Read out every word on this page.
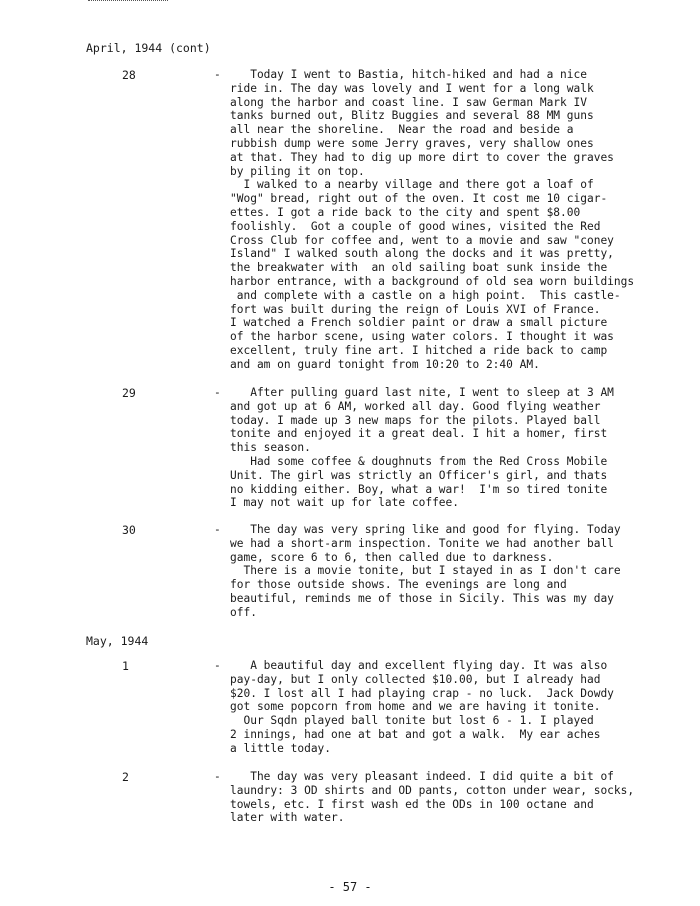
April, 1944 (cont)
28	- Today I went to Bastia, hitch-hiked and had a nice
ride in. The day was lovely and I went for a long walk
along the harbor and coast line. I saw German Mark IV
tanks burned out, Blitz Buggies and several 88 MM guns
all near the shoreline.  Near the road and beside a
rubbish dump were some Jerry graves, very shallow ones
at that. They had to dig up more dirt to cover the graves
by piling it on top.
I walked to a nearby village and there got a loaf of
"Wog" bread, right out of the oven. It cost me 10 cigar-
ettes. I got a ride back to the city and spent $8.00
foolishly.  Got a couple of good wines, visited the Red
Cross Club for coffee and, went to a movie and saw "coney
Island" I walked south along the docks and it was pretty,
the breakwater with  an old sailing boat sunk inside the
harbor entrance, with a background of old sea worn buildings
and complete with a castle on a high point.  This castle-
fort was built during the reign of Louis XVI of France.
I watched a French soldier paint or draw a small picture
of the harbor scene, using water colors. I thought it was
excellent, truly fine art. I hitched a ride back to camp
and am on guard tonight from 10:20 to 2:40 AM.
29	- After pulling guard last nite, I went to sleep at 3 AM
and got up at 6 AM, worked all day. Good flying weather
today. I made up 3 new maps for the pilots. Played ball
tonite and enjoyed it a great deal. I hit a homer, first
this season.
Had some coffee & doughnuts from the Red Cross Mobile
Unit. The girl was strictly an Officer's girl, and thats
no kidding either. Boy, what a war!  I'm so tired tonite
I may not wait up for late coffee.
30	- The day was very spring like and good for flying. Today
we had a short-arm inspection. Tonite we had another ball
game, score 6 to 6, then called due to darkness.
There is a movie tonite, but I stayed in as I don't care
for those outside shows. The evenings are long and
beautiful, reminds me of those in Sicily. This was my day
off.
May, 1944
1	- A beautiful day and excellent flying day. It was also
pay-day, but I only collected $10.00, but I already had
$20. I lost all I had playing crap - no luck.  Jack Dowdy
got some popcorn from home and we are having it tonite.
Our Sqdn played ball tonite but lost 6 - 1. I played
2 innings, had one at bat and got a walk.  My ear aches
a little today.
2	- The day was very pleasant indeed. I did quite a bit of
laundry: 3 OD shirts and OD pants, cotton under wear, socks,
towels, etc. I first wash ed the ODs in 100 octane and
later with water.
- 57 -
